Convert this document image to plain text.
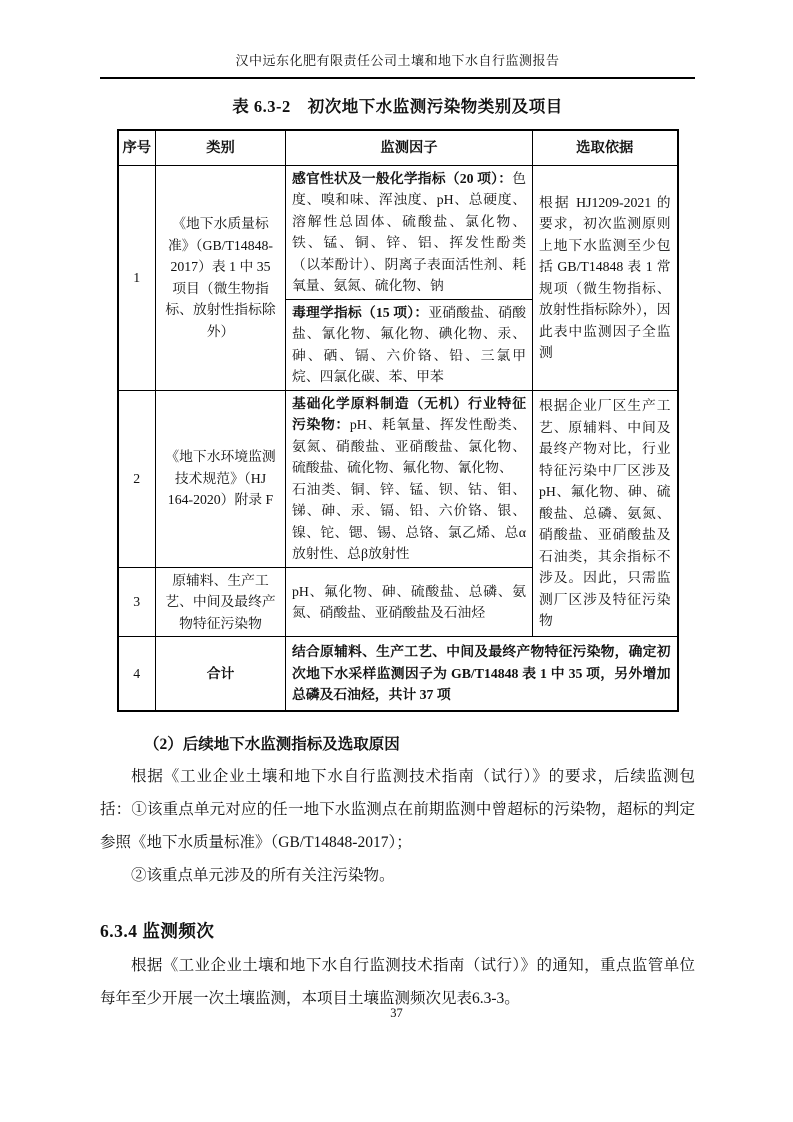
汉中远东化肥有限责任公司土壤和地下水自行监测报告
表 6.3-2　初次地下水监测污染物类别及项目
序号	类别	监测因子	选取依据
1	《地下水质量标准》（GB/T14848-2017）表 1 中 35 项目（微生物指标、放射性指标除外）	感官性状及一般化学指标（20 项）：色度、嗅和味、浑浊度、pH、总硬度、溶解性总固体、硫酸盐、氯化物、铁、锰、铜、锌、铝、挥发性酚类（以苯酚计）、阴离子表面活性剂、耗氧量、氨氮、硫化物、钠	根据 HJ1209-2021 的要求，初次监测原则上地下水监测至少包括 GB/T14848 表 1 常规项（微生物指标、放射性指标除外），因此表中监测因子全监测
		毒理学指标（15 项）：亚硝酸盐、硝酸盐、氰化物、氟化物、碘化物、汞、砷、硒、镉、六价铬、铅、三氯甲烷、四氯化碳、苯、甲苯	
2	《地下水环境监测技术规范》（HJ 164-2020）附录 F	基础化学原料制造（无机）行业特征污染物：pH、耗氧量、挥发性酚类、氨氮、硝酸盐、亚硝酸盐、氯化物、硫酸盐、硫化物、氟化物、氰化物、
石油类、铜、锌、锰、钡、钴、钼、锑、砷、汞、镉、铅、六价铬、银、镍、铊、锶、锡、总铬、氯乙烯、总α放射性、总β放射性	根据企业厂区生产工艺、原辅料、中间及最终产物对比，行业特征污染中厂区涉及 pH、氟化物、砷、硫酸盐、总磷、氨氮、硝酸盐、亚硝酸盐及石油类，其余指标不涉及。因此，只需监测厂区涉及特征污染物
3	原辅料、生产工艺、中间及最终产物特征污染物	pH、氟化物、砷、硫酸盐、总磷、氨氮、硝酸盐、亚硝酸盐及石油烃	
4	合计	结合原辅料、生产工艺、中间及最终产物特征污染物，确定初次地下水采样监测因子为 GB/T14848 表 1 中 35 项，另外增加总磷及石油烃，共计 37 项	
（2）后续地下水监测指标及选取原因

根据《工业企业土壤和地下水自行监测技术指南（试行）》的要求，后续监测包括：①该重点单元对应的任一地下水监测点在前期监测中曾超标的污染物，超标的判定参照《地下水质量标准》（GB/T14848-2017）；

②该重点单元涉及的所有关注污染物。

6.3.4 监测频次

根据《工业企业土壤和地下水自行监测技术指南（试行）》的通知，重点监管单位每年至少开展一次土壤监测，本项目土壤监测频次见表6.3-3。

37
